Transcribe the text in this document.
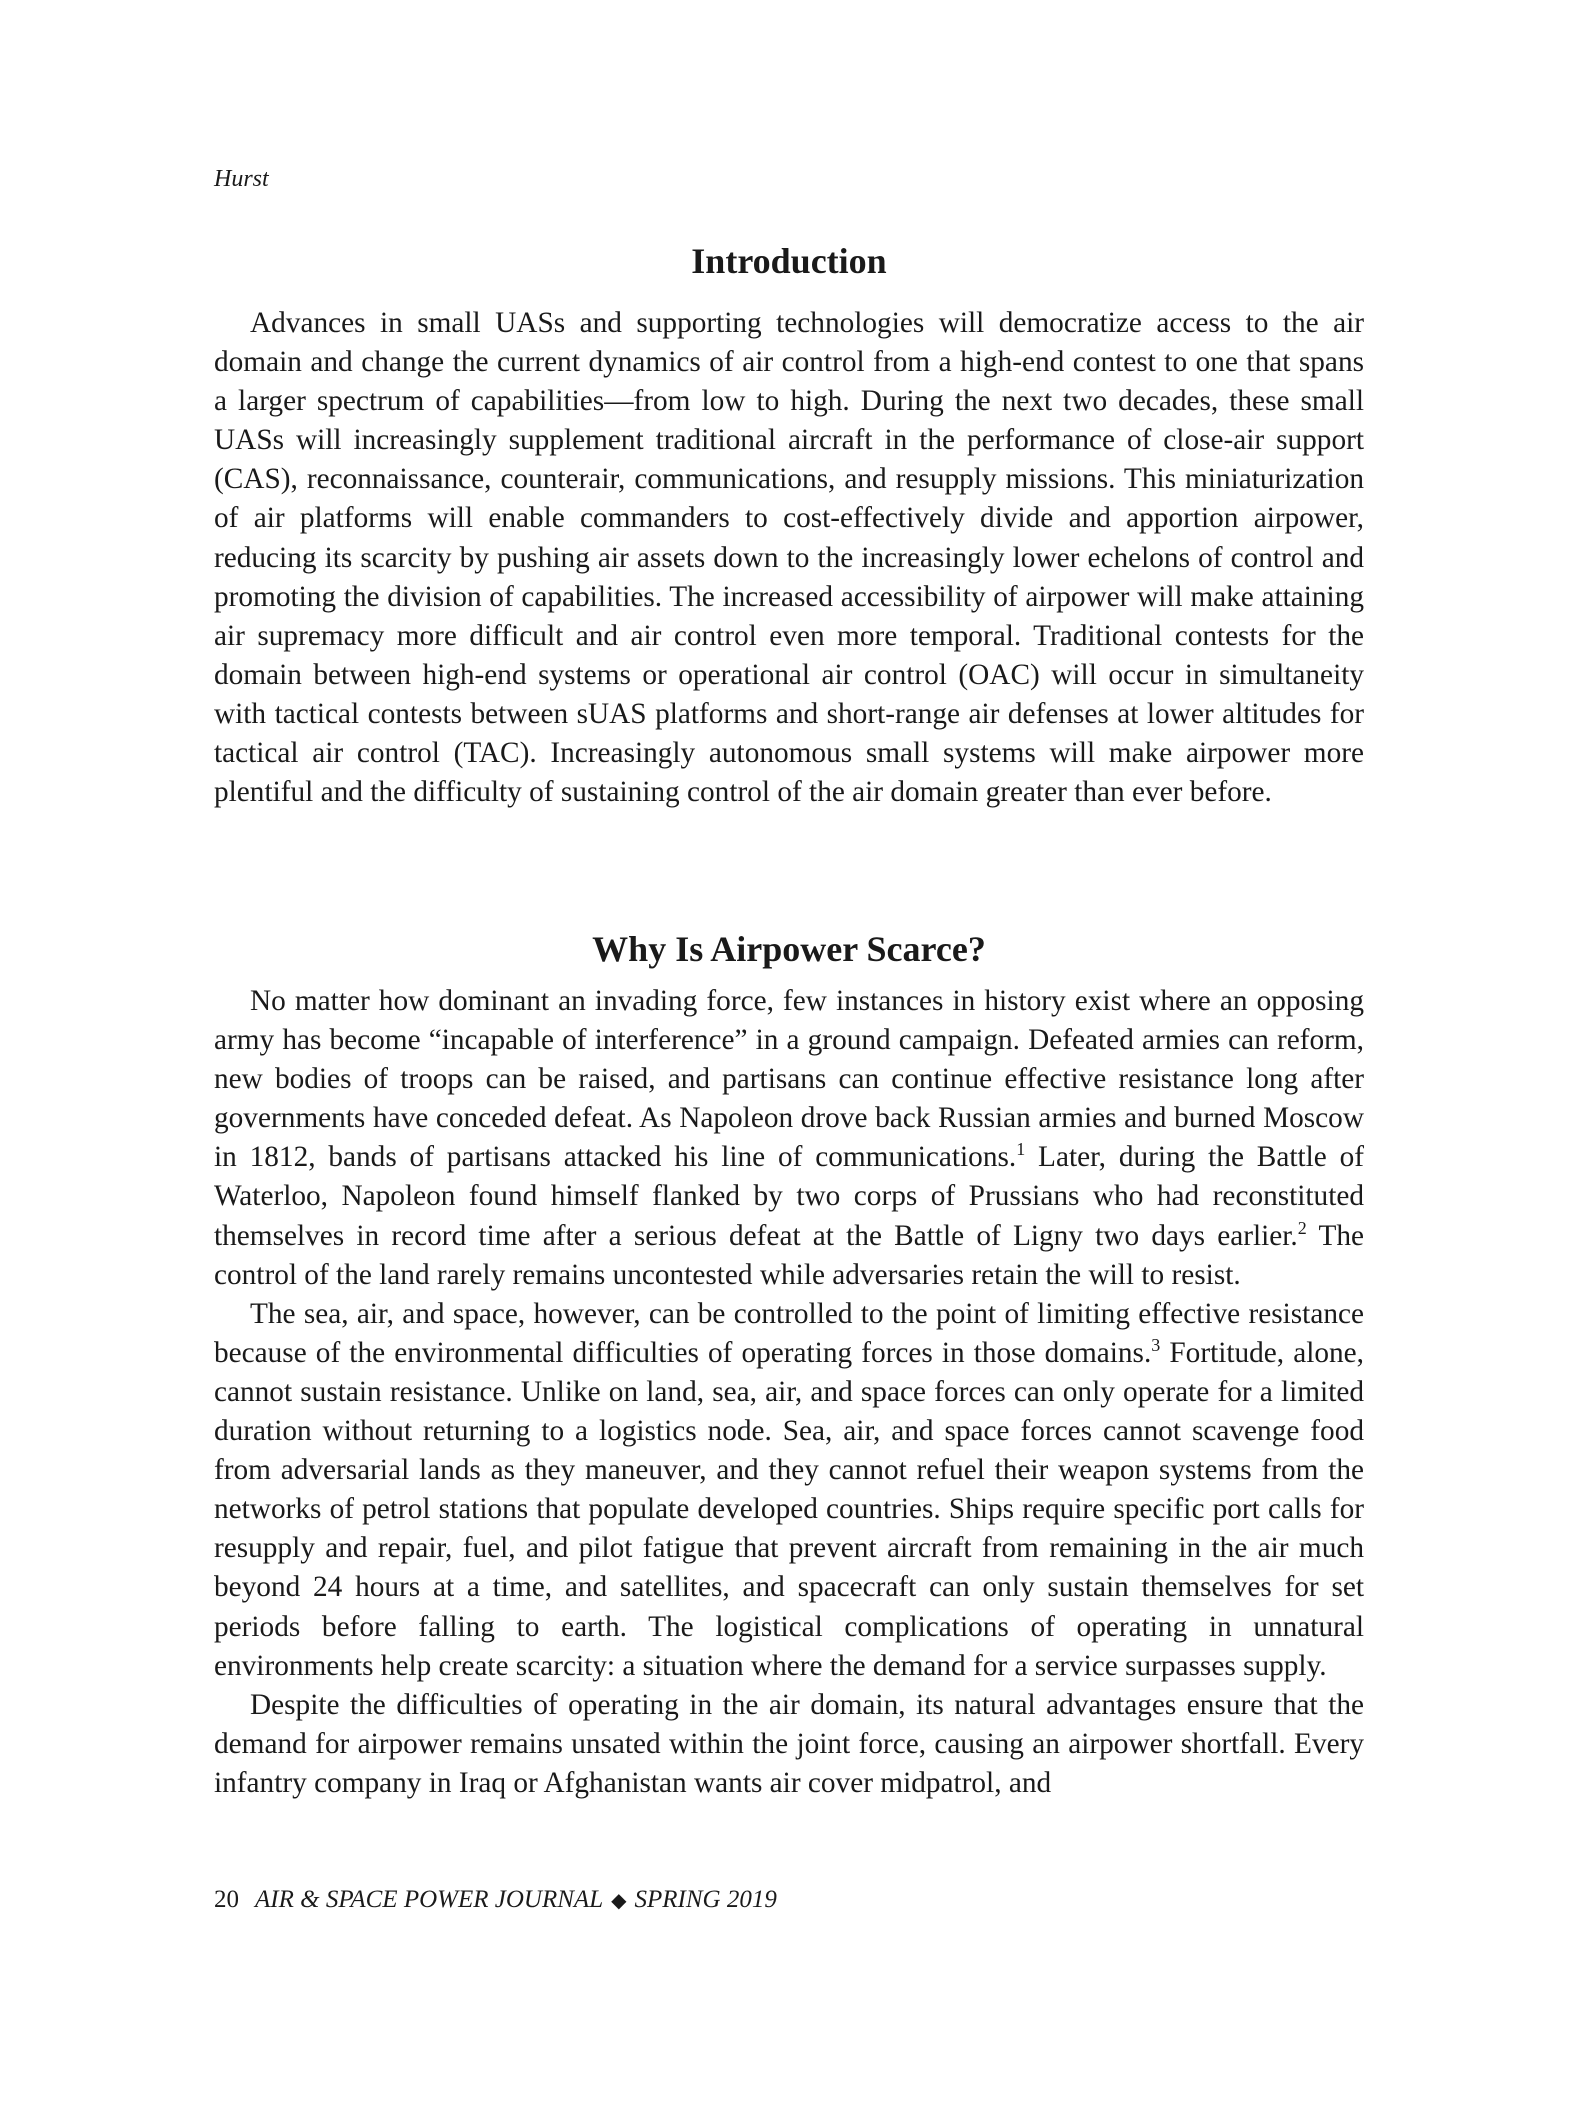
Hurst
Introduction

Advances in small UASs and supporting technologies will democratize access to the air domain and change the current dynamics of air control from a high-end contest to one that spans a larger spectrum of capabilities—from low to high. During the next two decades, these small UASs will increasingly supplement traditional aircraft in the performance of close-air support (CAS), reconnaissance, counterair, communications, and resupply missions. This miniaturization of air platforms will enable commanders to cost-effectively divide and apportion airpower, reducing its scarcity by pushing air assets down to the increasingly lower echelons of control and promoting the division of capabilities. The increased accessibility of airpower will make attaining air supremacy more difficult and air control even more temporal. Traditional contests for the domain between high-end systems or operational air control (OAC) will occur in simultaneity with tactical contests between sUAS platforms and short-range air defenses at lower altitudes for tactical air control (TAC). Increasingly autonomous small systems will make airpower more plentiful and the difficulty of sustaining control of the air domain greater than ever before.

Why Is Airpower Scarce?

No matter how dominant an invading force, few instances in history exist where an opposing army has become “incapable of interference” in a ground campaign. Defeated armies can reform, new bodies of troops can be raised, and partisans can continue effective resistance long after governments have conceded defeat. As Napoleon drove back Russian armies and burned Moscow in 1812, bands of partisans attacked his line of communications.$^1$ Later, during the Battle of Waterloo, Napoleon found himself flanked by two corps of Prussians who had reconstituted themselves in record time after a serious defeat at the Battle of Ligny two days earlier.$^2$ The control of the land rarely remains uncontested while adversaries retain the will to resist.

The sea, air, and space, however, can be controlled to the point of limiting effective resistance because of the environmental difficulties of operating forces in those domains.$^3$ Fortitude, alone, cannot sustain resistance. Unlike on land, sea, air, and space forces can only operate for a limited duration without returning to a logistics node. Sea, air, and space forces cannot scavenge food from adversarial lands as they maneuver, and they cannot refuel their weapon systems from the networks of petrol stations that populate developed countries. Ships require specific port calls for resupply and repair, fuel, and pilot fatigue that prevent aircraft from remaining in the air much beyond 24 hours at a time, and satellites, and spacecraft can only sustain themselves for set periods before falling to earth. The logistical complications of operating in unnatural environments help create scarcity: a situation where the demand for a service surpasses supply.

Despite the difficulties of operating in the air domain, its natural advantages ensure that the demand for airpower remains unsated within the joint force, causing an airpower shortfall. Every infantry company in Iraq or Afghanistan wants air cover midpatrol, and

20 AIR & SPACE POWER JOURNAL ◆ SPRING 2019
